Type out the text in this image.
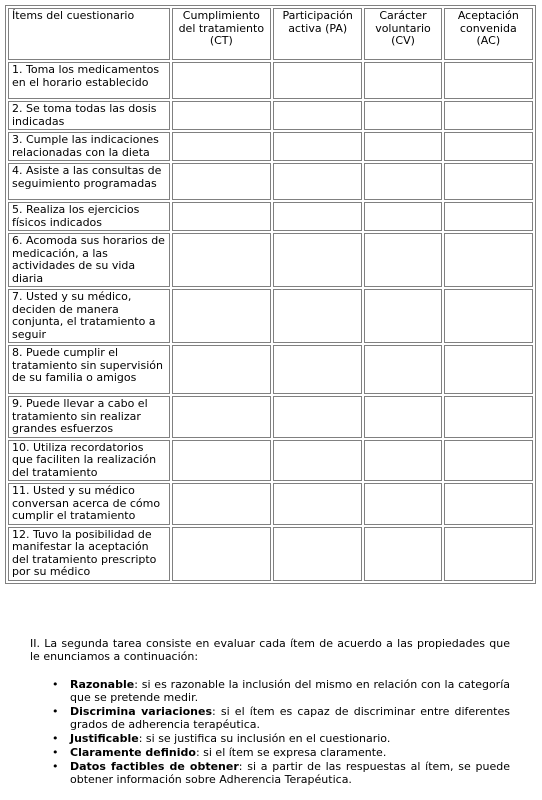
Ítems del cuestionario	Cumplimiento del tratamiento (CT)	Participación activa (PA)	Carácter voluntario (CV)	Aceptación convenida (AC)
1. Toma los medicamentos en el horario establecido				
2. Se toma todas las dosis indicadas				
3. Cumple las indicaciones relacionadas con la dieta				
4. Asiste a las consultas de seguimiento programadas				
5. Realiza los ejercicios físicos indicados				
6. Acomoda sus horarios de medicación, a las actividades de su vida diaria				
7. Usted y su médico, deciden de manera conjunta, el tratamiento a seguir				
8. Puede cumplir el tratamiento sin supervisión de su familia o amigos				
9. Puede llevar a cabo el tratamiento sin realizar grandes esfuerzos				
10. Utiliza recordatorios que faciliten la realización del tratamiento				
11. Usted y su médico conversan acerca de cómo cumplir el tratamiento				
12. Tuvo la posibilidad de manifestar la aceptación del tratamiento prescripto por su médico				

II. La segunda tarea consiste en evaluar cada ítem de acuerdo a las propiedades que le enunciamos a continuación:

• Razonable: si es razonable la inclusión del mismo en relación con la categoría que se pretende medir.
• Discrimina variaciones: si el ítem es capaz de discriminar entre diferentes grados de adherencia terapéutica.
• Justificable: si se justifica su inclusión en el cuestionario.
• Claramente definido: si el ítem se expresa claramente.
• Datos factibles de obtener: si a partir de las respuestas al ítem, se puede obtener información sobre Adherencia Terapéutica.
